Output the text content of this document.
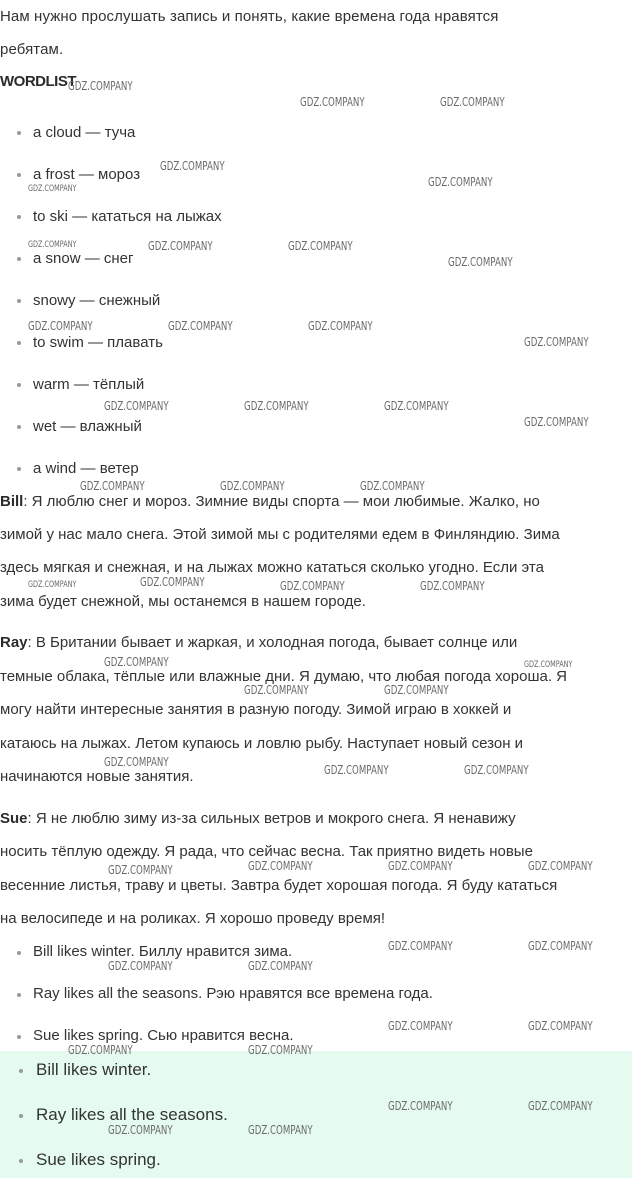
Нам нужно прослушать запись и понять, какие времена года нравятся
ребятам.
WORDLIST
a cloud — туча
a frost — мороз
to ski — кататься на лыжах
a snow — снег
snowy — снежный
to swim — плавать
warm — тёплый
wet — влажный
a wind — ветер
Bill: Я люблю снег и мороз. Зимние виды спорта — мои любимые. Жалко, но
зимой у нас мало снега. Этой зимой мы с родителями едем в Финляндию. Зима
здесь мягкая и снежная, и на лыжах можно кататься сколько угодно. Если эта
зима будет снежной, мы останемся в нашем городе.
Ray: В Британии бывает и жаркая, и холодная погода, бывает солнце или
темные облака, тёплые или влажные дни. Я думаю, что любая погода хороша. Я
могу найти интересные занятия в разную погоду. Зимой играю в хоккей и
катаюсь на лыжах. Летом купаюсь и ловлю рыбу. Наступает новый сезон и
начинаются новые занятия.
Sue: Я не люблю зиму из-за сильных ветров и мокрого снега. Я ненавижу
носить тёплую одежду. Я рада, что сейчас весна. Так приятно видеть новые
весенние листья, траву и цветы. Завтра будет хорошая погода. Я буду кататься
на велосипеде и на роликах. Я хорошо проведу время!
Bill likes winter. Биллу нравится зима.
Ray likes all the seasons. Рэю нравятся все времена года.
Sue likes spring. Сью нравится весна.
Bill likes winter.
Ray likes all the seasons.
Sue likes spring.
GDZ.COMPANY
GDZ.COMPANY	GDZ.COMPANY
GDZ.COMPANY
GDZ.COMPANY	GDZ.COMPANY
GDZ.COMPANY	GDZ.COMPANY	GDZ.COMPANY
GDZ.COMPANY
GDZ.COMPANY	GDZ.COMPANY	GDZ.COMPANY
GDZ.COMPANY
GDZ.COMPANY	GDZ.COMPANY	GDZ.COMPANY
GDZ.COMPANY
GDZ.COMPANY	GDZ.COMPANY	GDZ.COMPANY
GDZ.COMPANY	GDZ.COMPANY	GDZ.COMPANY	GDZ.COMPANY
GDZ.COMPANY	GDZ.COMPANY
GDZ.COMPANY	GDZ.COMPANY
GDZ.COMPANY
GDZ.COMPANY	GDZ.COMPANY
GDZ.COMPANY	GDZ.COMPANY	GDZ.COMPANY	GDZ.COMPANY
GDZ.COMPANY	GDZ.COMPANY
GDZ.COMPANY	GDZ.COMPANY
GDZ.COMPANY	GDZ.COMPANY
GDZ.COMPANY	GDZ.COMPANY
GDZ.COMPANY	GDZ.COMPANY
GDZ.COMPANY	GDZ.COMPANY
